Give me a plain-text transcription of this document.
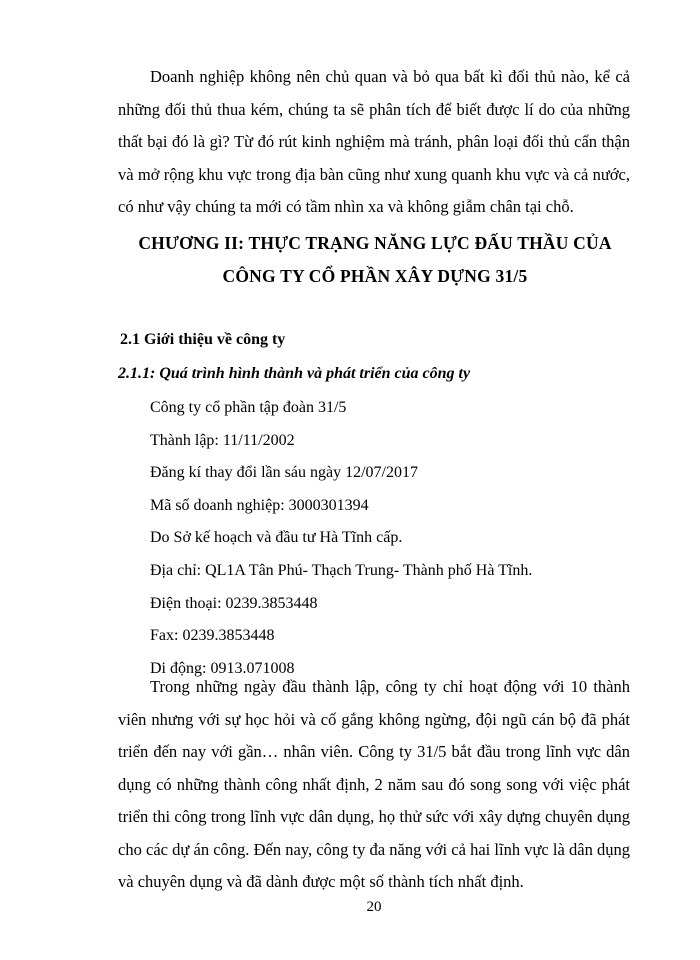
Doanh nghiệp không nên chủ quan và bỏ qua bất kì đối thủ nào, kể cả những đối thủ thua kém, chúng ta sẽ phân tích để biết được lí do của những thất bại đó là gì? Từ đó rút kinh nghiệm mà tránh, phân loại đối thủ cẩn thận và mở rộng khu vực trong địa bàn cũng như xung quanh khu vực và cả nước, có như vậy chúng ta mới có tầm nhìn xa và không giẫm chân tại chỗ.

CHƯƠNG II: THỰC TRẠNG NĂNG LỰC ĐẤU THẦU CỦA
CÔNG TY CỔ PHẦN XÂY DỰNG 31/5
2.1 Giới thiệu về công ty
2.1.1: Quá trình hình thành và phát triển của công ty
Công ty cổ phần tập đoàn 31/5
Thành lập: 11/11/2002
Đăng kí thay đổi lần sáu ngày 12/07/2017
Mã số doanh nghiệp: 3000301394
Do Sở kế hoạch và đầu tư Hà Tĩnh cấp.
Địa chỉ: QL1A Tân Phú- Thạch Trung- Thành phố Hà Tĩnh.
Điện thoại: 0239.3853448
Fax: 0239.3853448
Di động: 0913.071008

Trong những ngày đầu thành lập, công ty chỉ hoạt động với 10 thành viên nhưng với sự học hỏi và cố gắng không ngừng, đội ngũ cán bộ đã phát triển đến nay với gần… nhân viên. Công ty 31/5 bắt đầu trong lĩnh vực dân dụng có những thành công nhất định, 2 năm sau đó song song với việc phát triển thi công trong lĩnh vực dân dụng, họ thử sức với xây dựng chuyên dụng cho các dự án công. Đến nay, công ty đa năng với cả hai lĩnh vực là dân dụng và chuyên dụng và đã dành được một số thành tích nhất định.

20
